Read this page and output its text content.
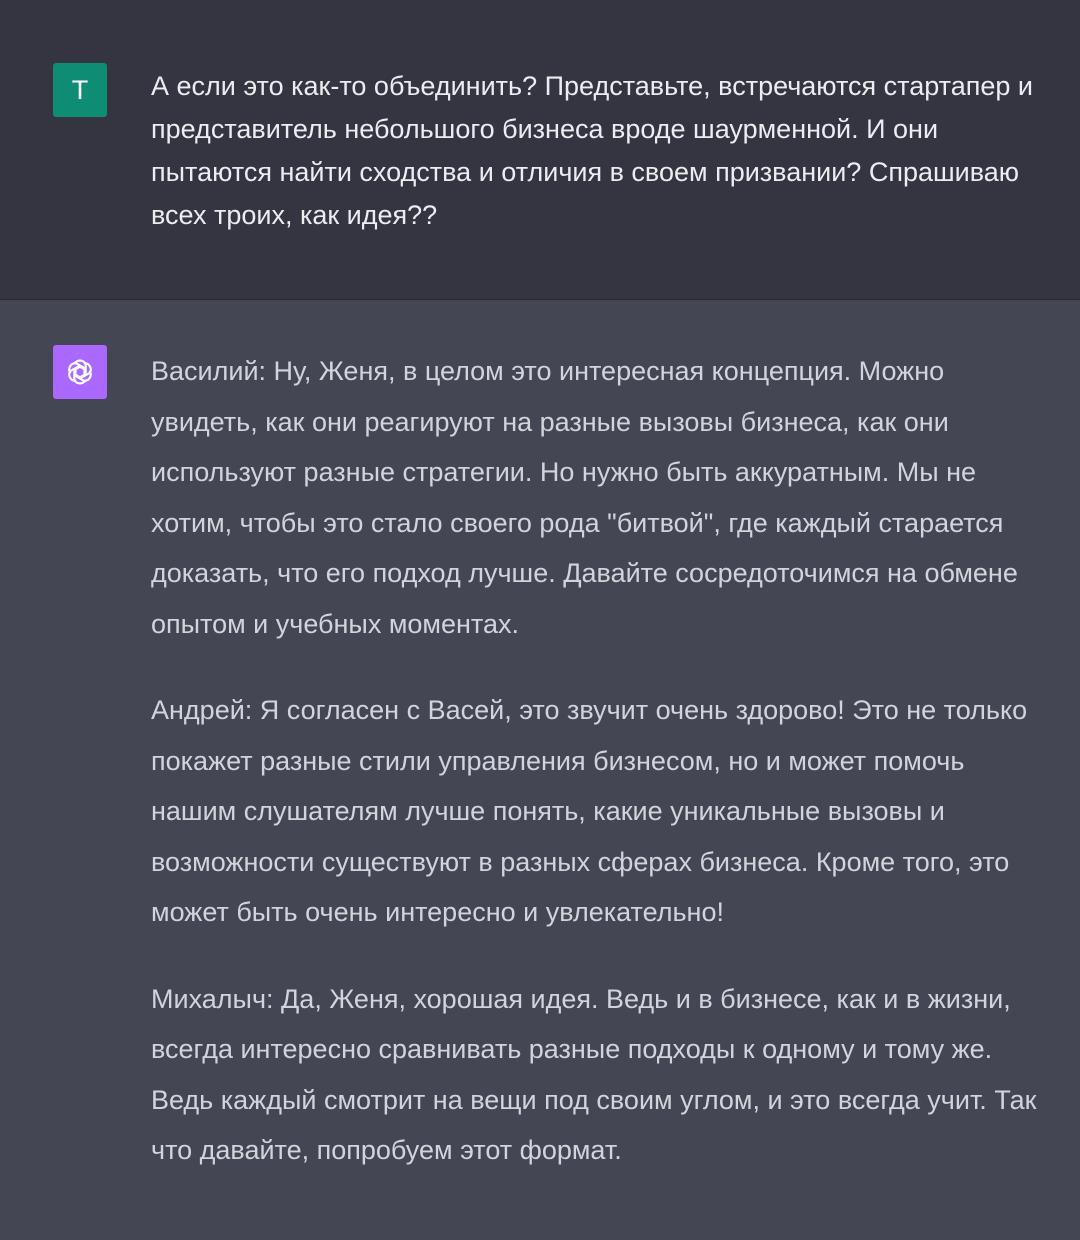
T	А если это как-то объединить? Представьте, встречаются стартапер и представитель небольшого бизнеса вроде шаурменной. И они пытаются найти сходства и отличия в своем призвании? Спрашиваю всех троих, как идея??

Василий: Ну, Женя, в целом это интересная концепция. Можно увидеть, как они реагируют на разные вызовы бизнеса, как они используют разные стратегии. Но нужно быть аккуратным. Мы не хотим, чтобы это стало своего рода "битвой", где каждый старается доказать, что его подход лучше. Давайте сосредоточимся на обмене опытом и учебных моментах.

Андрей: Я согласен с Васей, это звучит очень здорово! Это не только покажет разные стили управления бизнесом, но и может помочь нашим слушателям лучше понять, какие уникальные вызовы и возможности существуют в разных сферах бизнеса. Кроме того, это может быть очень интересно и увлекательно!

Михалыч: Да, Женя, хорошая идея. Ведь и в бизнесе, как и в жизни, всегда интересно сравнивать разные подходы к одному и тому же. Ведь каждый смотрит на вещи под своим углом, и это всегда учит. Так что давайте, попробуем этот формат.
